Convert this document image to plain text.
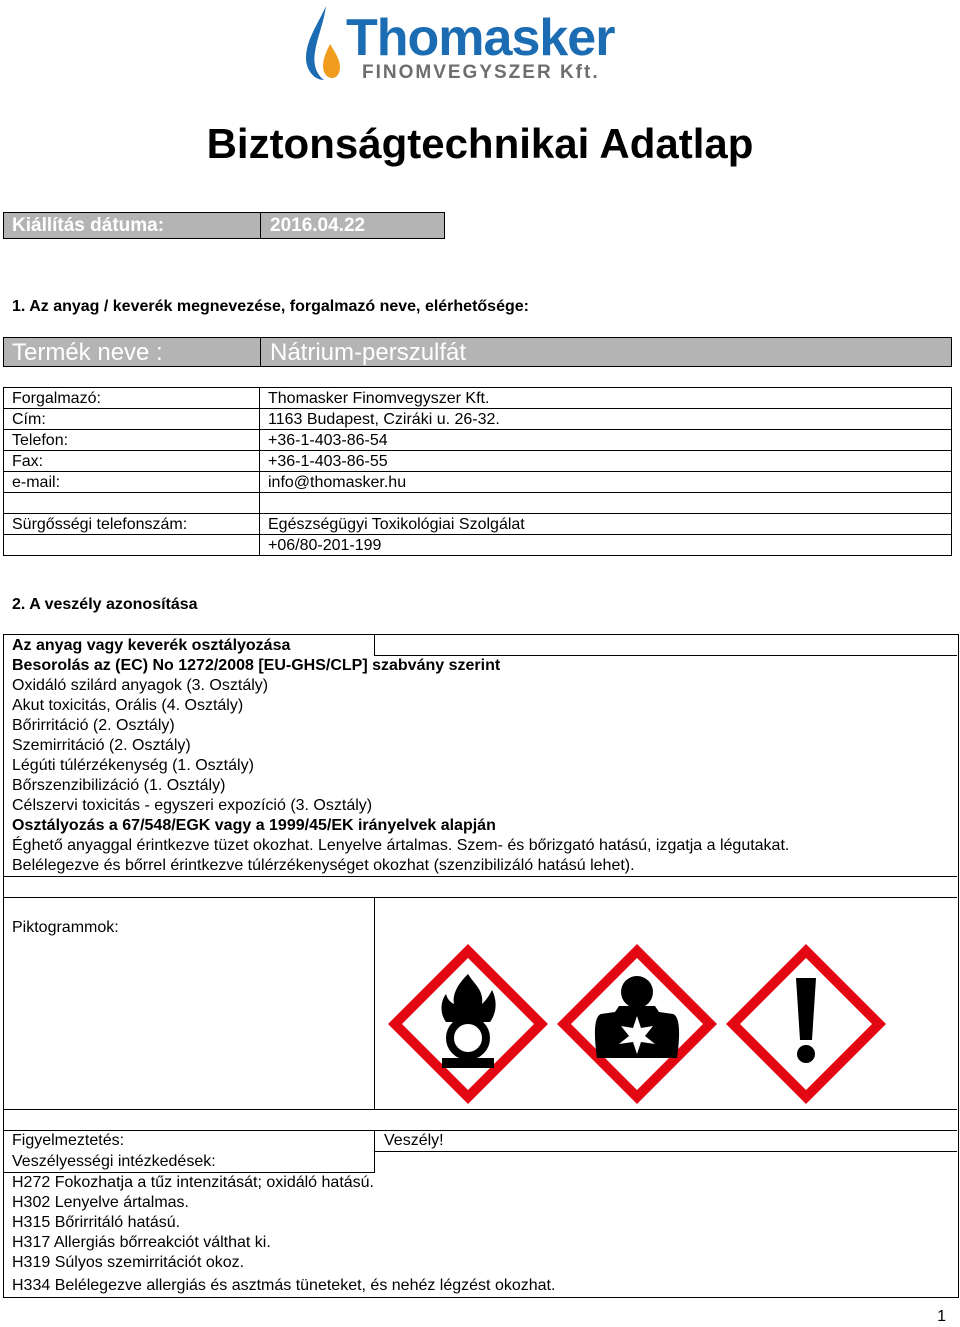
Thomasker
FINOMVEGYSZER Kft.
Biztonságtechnikai Adatlap
Kiállítás dátuma:	2016.04.22
1. Az anyag / keverék megnevezése, forgalmazó neve, elérhetősége:
Termék neve :	Nátrium-perszulfát
Forgalmazó:	Thomasker Finomvegyszer Kft.
Cím:	1163 Budapest, Cziráki u. 26-32.
Telefon:	+36-1-403-86-54
Fax:	+36-1-403-86-55
e-mail:	info@thomasker.hu

Sürgősségi telefonszám:	Egészségügyi Toxikológiai Szolgálat
	+06/80-201-199
2. A veszély azonosítása
Az anyag vagy keverék osztályozása
Besorolás az (EC) No 1272/2008 [EU-GHS/CLP] szabvány szerint
Oxidáló szilárd anyagok (3. Osztály)
Akut toxicitás, Orális (4. Osztály)
Bőrirritáció (2. Osztály)
Szemirritáció (2. Osztály)
Légúti túlérzékenység (1. Osztály)
Bőrszenzibilizáció (1. Osztály)
Célszervi toxicitás - egyszeri expozíció (3. Osztály)
Osztályozás a 67/548/EGK vagy a 1999/45/EK irányelvek alapján
Éghető anyaggal érintkezve tüzet okozhat. Lenyelve ártalmas. Szem- és bőrizgató hatású, izgatja a légutakat.
Belélegezve és bőrrel érintkezve túlérzékenységet okozhat (szenzibilizáló hatású lehet).
Piktogrammok:
Figyelmeztetés:	Veszély!
Veszélyességi intézkedések:
H272 Fokozhatja a tűz intenzitását; oxidáló hatású.
H302 Lenyelve ártalmas.
H315 Bőrirritáló hatású.
H317 Allergiás bőrreakciót válthat ki.
H319 Súlyos szemirritációt okoz.
H334 Belélegezve allergiás és asztmás tüneteket, és nehéz légzést okozhat.
1
